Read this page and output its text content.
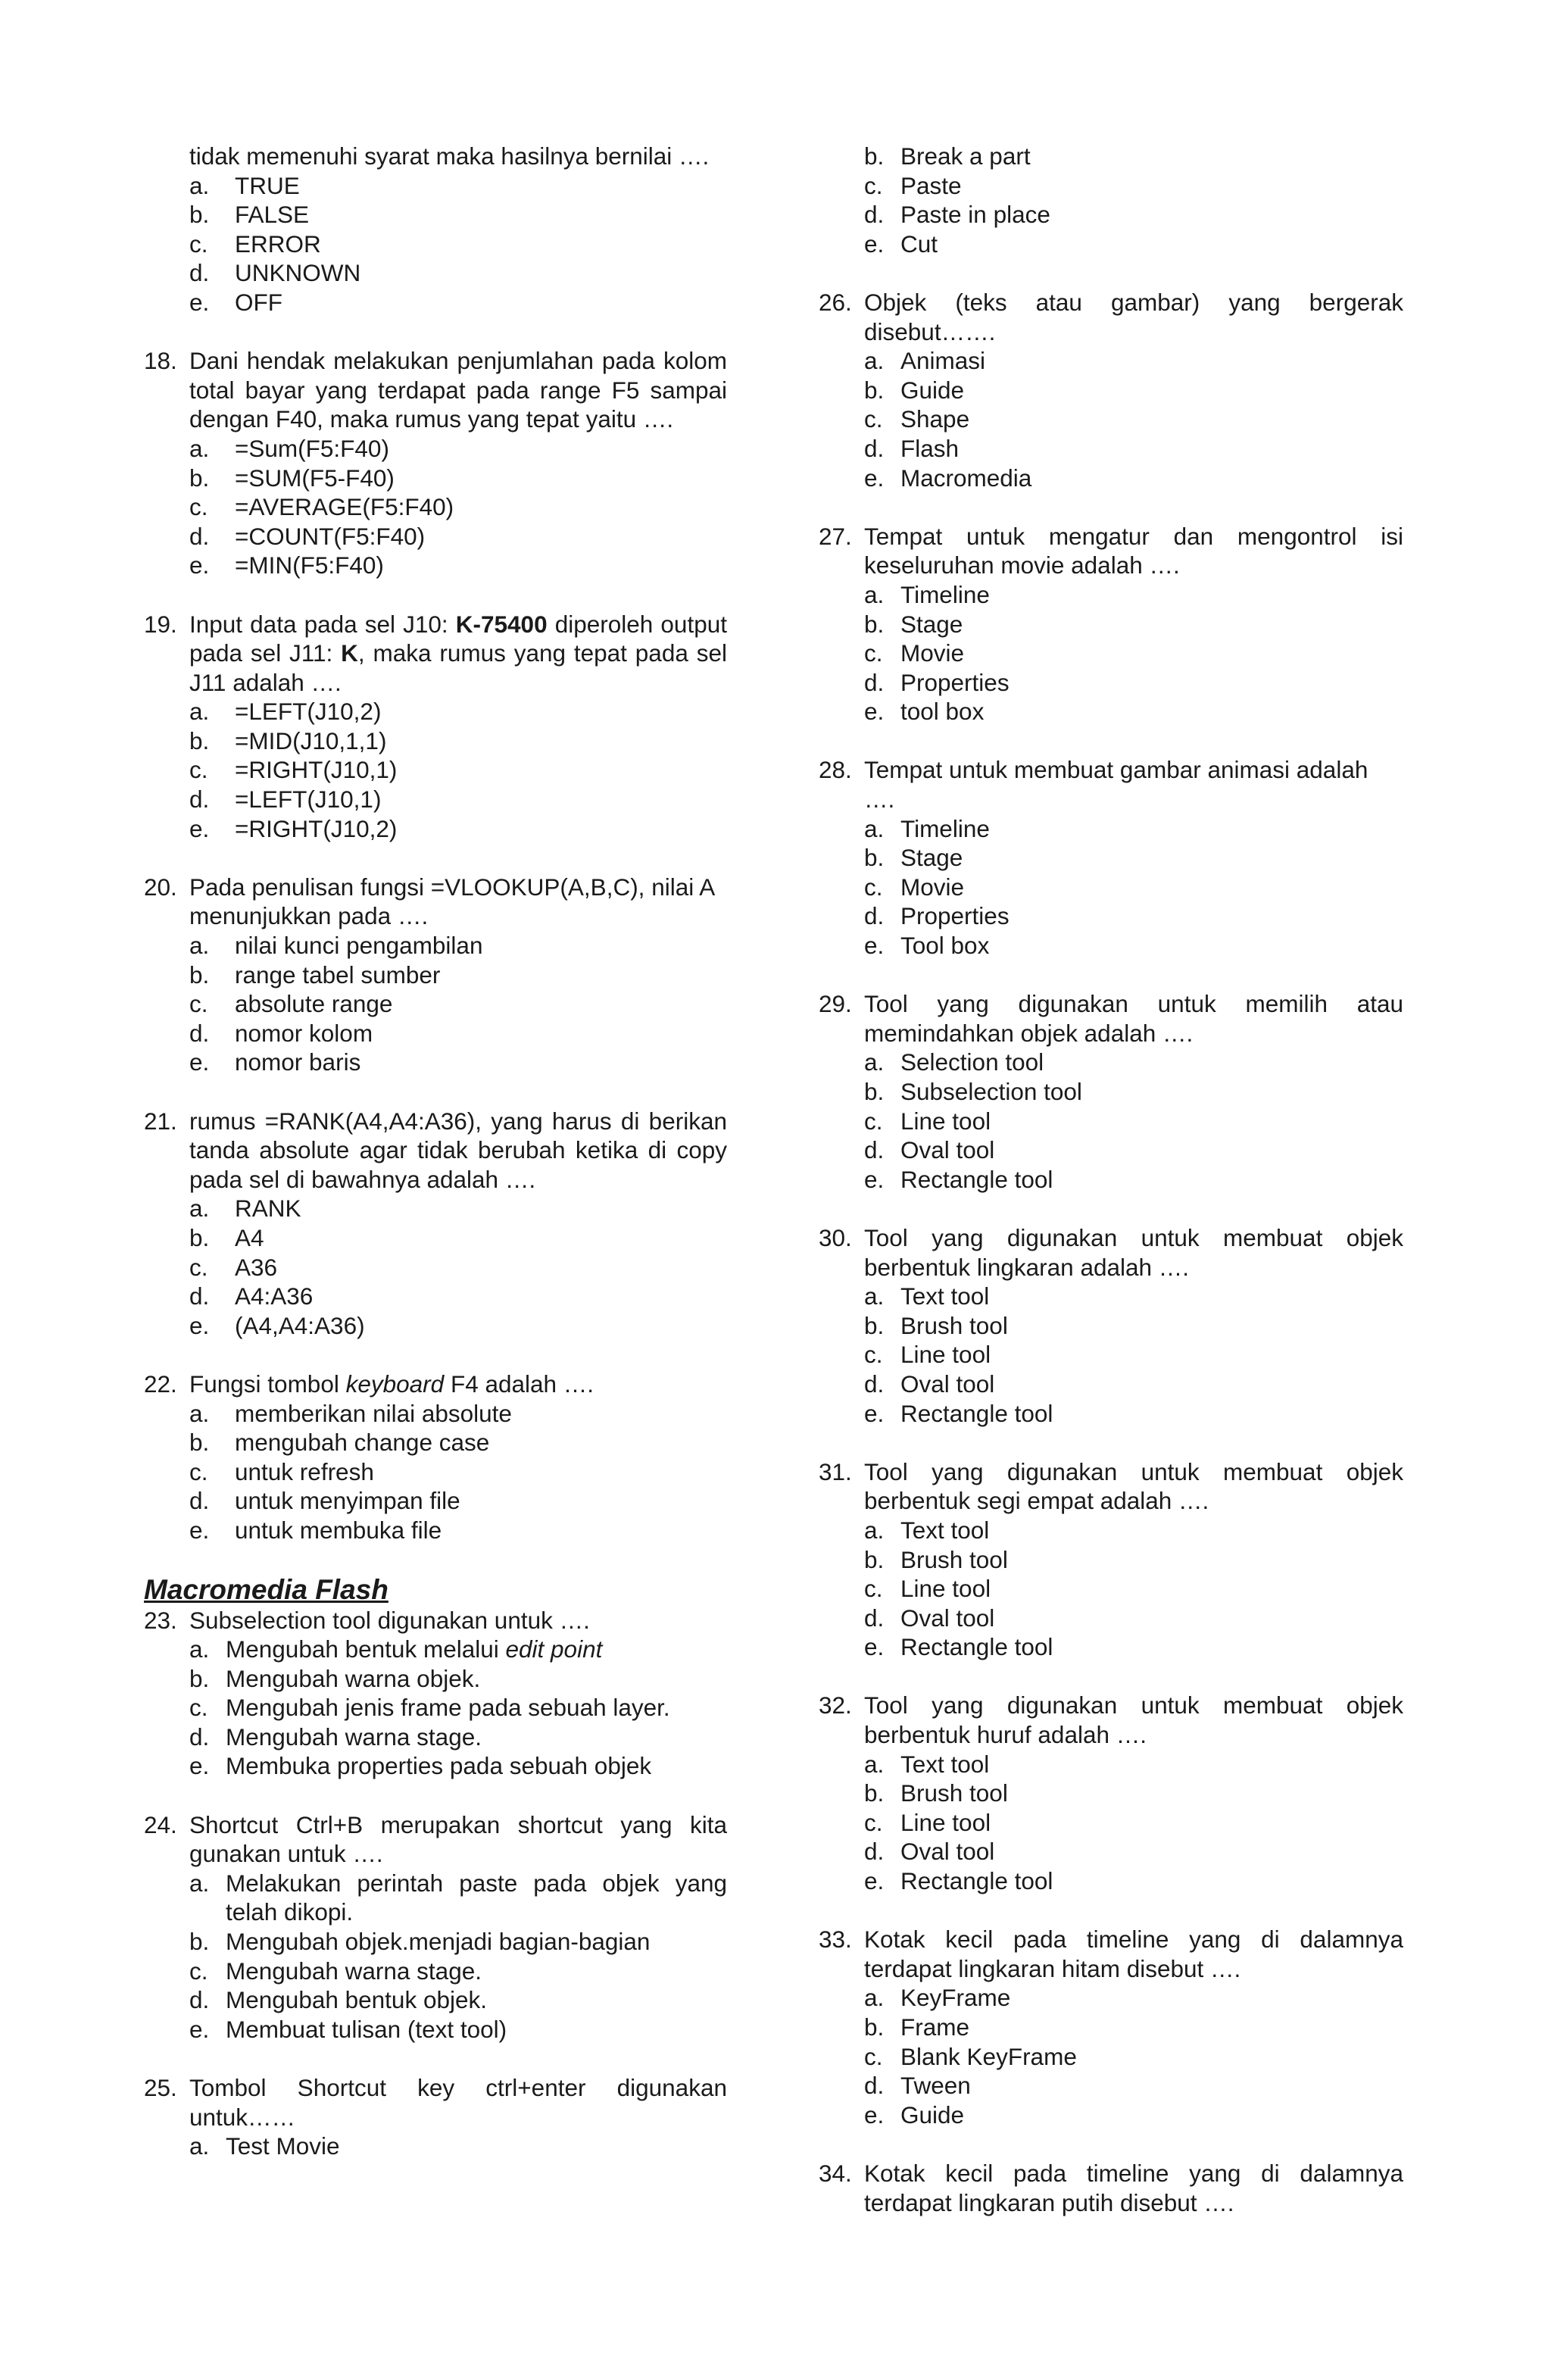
tidak memenuhi syarat maka hasilnya bernilai ….
a.	TRUE
b.	FALSE
c.	ERROR
d.	UNKNOWN
e.	OFF
18. Dani hendak melakukan penjumlahan pada kolom total bayar yang terdapat pada range F5 sampai dengan F40, maka rumus yang tepat yaitu ….
a.	=Sum(F5:F40)
b.	=SUM(F5-F40)
c.	=AVERAGE(F5:F40)
d.	=COUNT(F5:F40)
e.	=MIN(F5:F40)
19. Input data pada sel J10: K-75400 diperoleh output pada sel J11: K, maka rumus yang tepat pada sel J11 adalah ….
a.	=LEFT(J10,2)
b.	=MID(J10,1,1)
c.	=RIGHT(J10,1)
d.	=LEFT(J10,1)
e.	=RIGHT(J10,2)
20. Pada penulisan fungsi =VLOOKUP(A,B,C), nilai A menunjukkan pada ….
a.	nilai kunci pengambilan
b.	range tabel sumber
c.	absolute range
d.	nomor kolom
e.	nomor baris
21. rumus =RANK(A4,A4:A36), yang harus di berikan tanda absolute agar tidak berubah ketika di copy pada sel di bawahnya adalah ….
a.	RANK
b.	A4
c.	A36
d.	A4:A36
e.	(A4,A4:A36)
22. Fungsi tombol keyboard F4 adalah ….
a.	memberikan nilai absolute
b.	mengubah change case
c.	untuk refresh
d.	untuk menyimpan file
e.	untuk membuka file
Macromedia Flash
23. Subselection tool digunakan untuk ….
a. Mengubah bentuk melalui edit point
b. Mengubah warna objek.
c. Mengubah jenis frame pada sebuah layer.
d. Mengubah warna stage.
e. Membuka properties pada sebuah objek
24. Shortcut Ctrl+B merupakan shortcut yang kita gunakan untuk ….
a. Melakukan perintah paste pada objek yang telah dikopi.
b. Mengubah objek.menjadi bagian-bagian
c. Mengubah warna stage.
d. Mengubah bentuk objek.
e. Membuat tulisan (text tool)
25. Tombol Shortcut key ctrl+enter digunakan untuk……
a. Test Movie
b. Break a part
c. Paste
d. Paste in place
e. Cut
26. Objek (teks atau gambar) yang bergerak disebut…….
a. Animasi
b. Guide
c. Shape
d. Flash
e. Macromedia
27. Tempat untuk mengatur dan mengontrol isi keseluruhan movie adalah ….
a. Timeline
b. Stage
c. Movie
d. Properties
e. tool box
28. Tempat untuk membuat gambar animasi adalah ….
a. Timeline
b. Stage
c. Movie
d. Properties
e. Tool box
29. Tool yang digunakan untuk memilih atau memindahkan objek adalah ….
a. Selection tool
b. Subselection tool
c. Line tool
d. Oval tool
e. Rectangle tool
30. Tool yang digunakan untuk membuat objek berbentuk lingkaran adalah ….
a. Text tool
b. Brush tool
c. Line tool
d. Oval tool
e. Rectangle tool
31. Tool yang digunakan untuk membuat objek berbentuk segi empat adalah ….
a. Text tool
b. Brush tool
c. Line tool
d. Oval tool
e. Rectangle tool
32. Tool yang digunakan untuk membuat objek berbentuk huruf adalah ….
a. Text tool
b. Brush tool
c. Line tool
d. Oval tool
e. Rectangle tool
33. Kotak kecil pada timeline yang di dalamnya terdapat lingkaran hitam disebut ….
a. KeyFrame
b. Frame
c. Blank KeyFrame
d. Tween
e. Guide
34. Kotak kecil pada timeline yang di dalamnya terdapat lingkaran putih disebut ….
